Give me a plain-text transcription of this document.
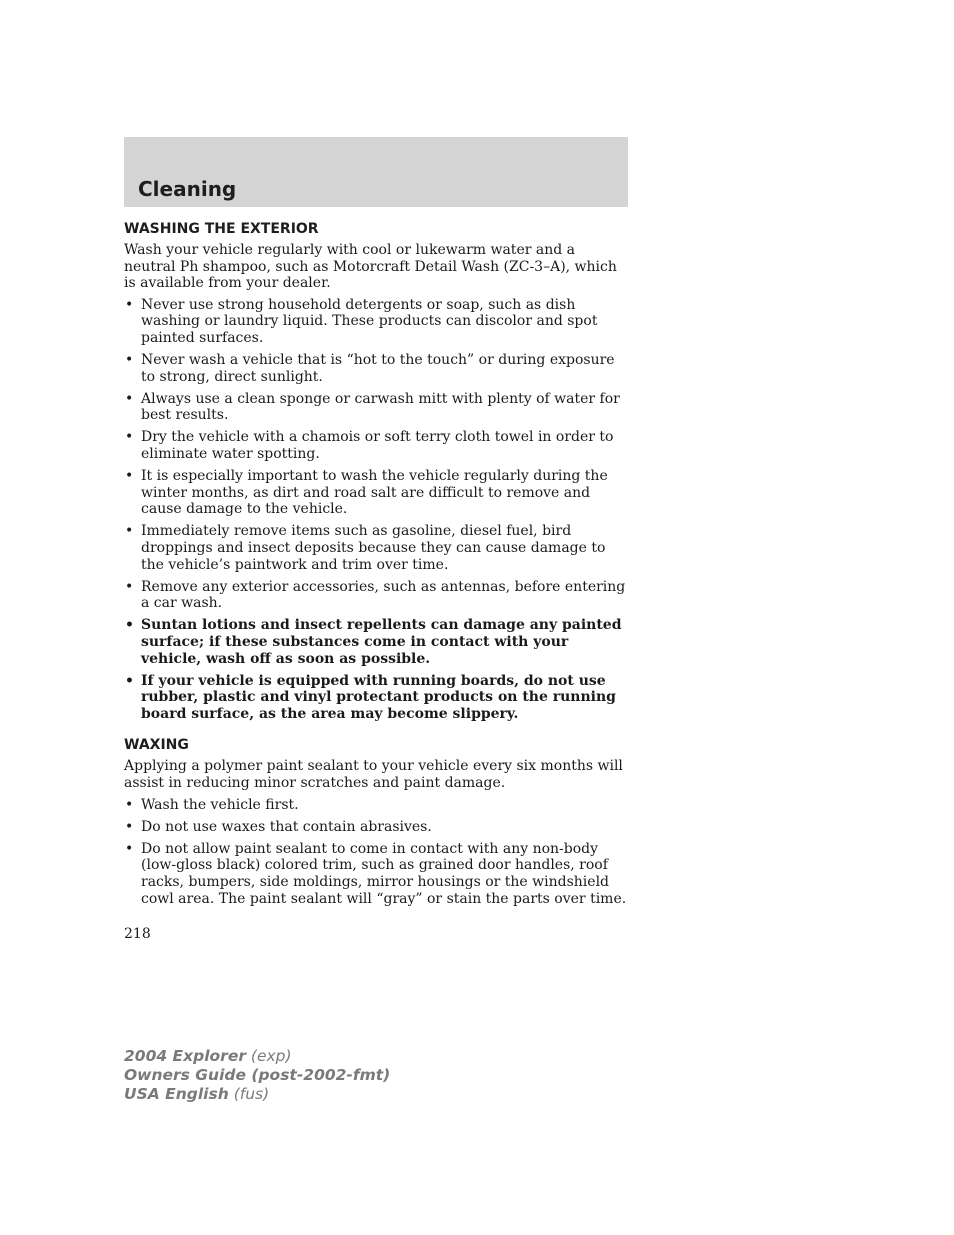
Cleaning
WASHING THE EXTERIOR

Wash your vehicle regularly with cool or lukewarm water and a neutral Ph shampoo, such as Motorcraft Detail Wash (ZC-3–A), which is available from your dealer.

• Never use strong household detergents or soap, such as dish washing or laundry liquid. These products can discolor and spot painted surfaces.
• Never wash a vehicle that is “hot to the touch” or during exposure to strong, direct sunlight.
• Always use a clean sponge or carwash mitt with plenty of water for best results.
• Dry the vehicle with a chamois or soft terry cloth towel in order to eliminate water spotting.
• It is especially important to wash the vehicle regularly during the winter months, as dirt and road salt are difficult to remove and cause damage to the vehicle.
• Immediately remove items such as gasoline, diesel fuel, bird droppings and insect deposits because they can cause damage to the vehicle’s paintwork and trim over time.
• Remove any exterior accessories, such as antennas, before entering a car wash.
• Suntan lotions and insect repellents can damage any painted surface; if these substances come in contact with your vehicle, wash off as soon as possible.
• If your vehicle is equipped with running boards, do not use rubber, plastic and vinyl protectant products on the running board surface, as the area may become slippery.
WAXING

Applying a polymer paint sealant to your vehicle every six months will assist in reducing minor scratches and paint damage.

• Wash the vehicle first.
• Do not use waxes that contain abrasives.
• Do not allow paint sealant to come in contact with any non-body (low-gloss black) colored trim, such as grained door handles, roof racks, bumpers, side moldings, mirror housings or the windshield cowl area. The paint sealant will “gray” or stain the parts over time.
218
2004 Explorer (exp)
Owners Guide (post-2002-fmt)
USA English (fus)
